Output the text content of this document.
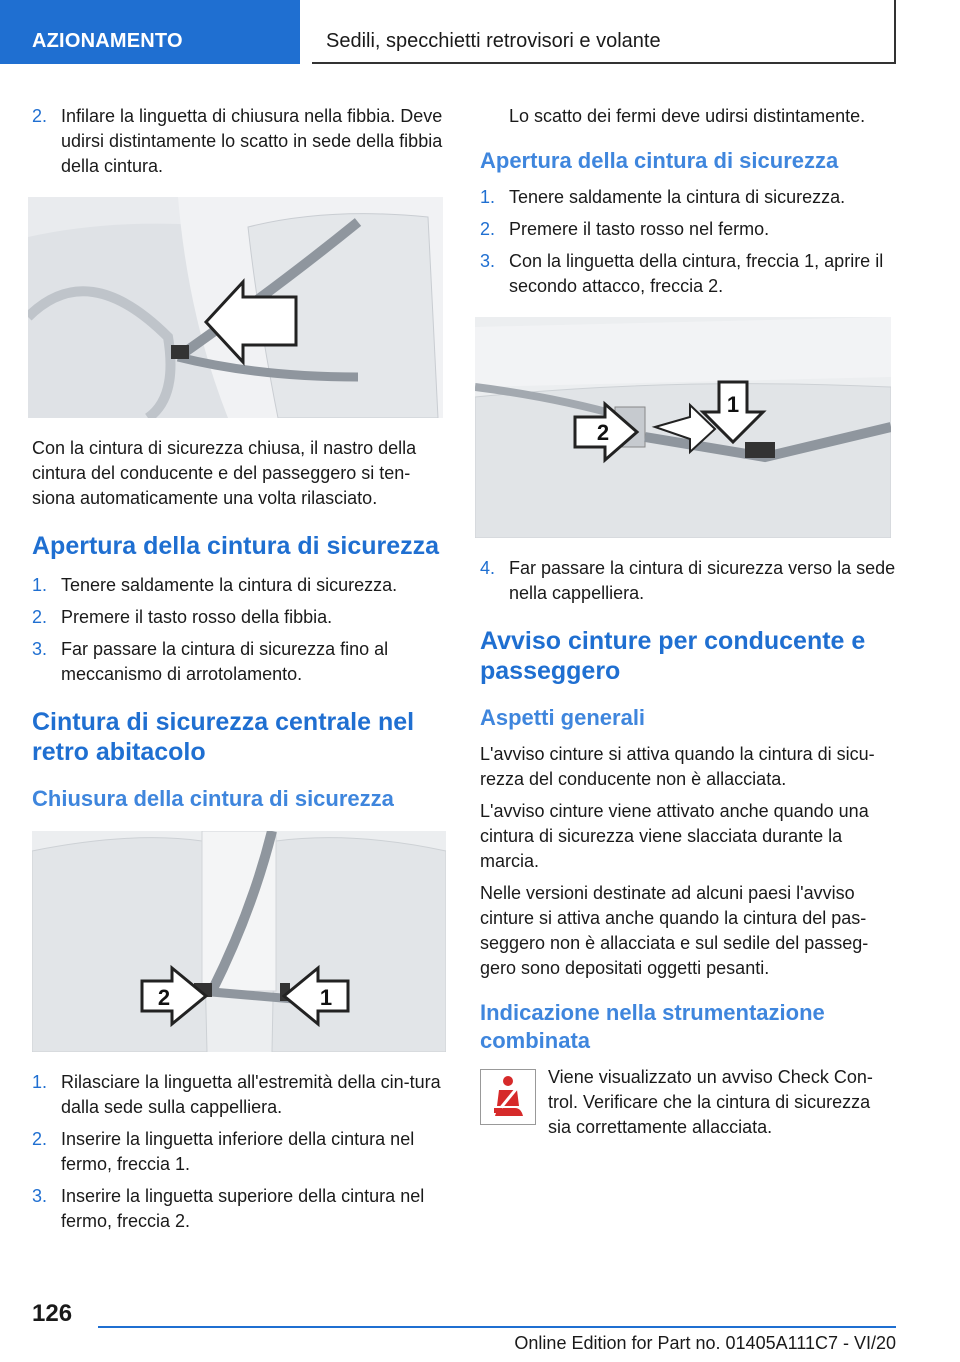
AZIONAMENTO	Sedili, specchietti retrovisori e volante
2. Infilare la linguetta di chiusura nella fibbia. Deve udirsi distintamente lo scatto in sede della fibbia della cintura.

Con la cintura di sicurezza chiusa, il nastro della cintura del conducente e del passeggero si ten-siona automaticamente una volta rilasciato.

Apertura della cintura di sicurezza
1. Tenere saldamente la cintura di sicurezza.
2. Premere il tasto rosso della fibbia.
3. Far passare la cintura di sicurezza fino al meccanismo di arrotolamento.
Cintura di sicurezza centrale nel retro abitacolo
Chiusura della cintura di sicurezza
2	1
1. Rilasciare la linguetta all'estremità della cin-tura dalla sede sulla cappelliera.
2. Inserire la linguetta inferiore della cintura nel fermo, freccia 1.
3. Inserire la linguetta superiore della cintura nel fermo, freccia 2.

Lo scatto dei fermi deve udirsi distintamente.

Apertura della cintura di sicurezza
1. Tenere saldamente la cintura di sicurezza.
2. Premere il tasto rosso nel fermo.
3. Con la linguetta della cintura, freccia 1, aprire il secondo attacco, freccia 2.
2
1
4. Far passare la cintura di sicurezza verso la sede nella cappelliera.
Avviso cinture per conducente e passeggero
Aspetti generali

L'avviso cinture si attiva quando la cintura di sicu-rezza del conducente non è allacciata.

L'avviso cinture viene attivato anche quando una cintura di sicurezza viene slacciata durante la marcia.

Nelle versioni destinate ad alcuni paesi l'avviso cinture si attiva anche quando la cintura del pas-seggero non è allacciata e sul sedile del passeg-gero sono depositati oggetti pesanti.

Indicazione nella strumentazione combinata

Viene visualizzato un avviso Check Con-trol. Verificare che la cintura di sicurezza sia correttamente allacciata.

126
Online Edition for Part no. 01405A111C7 - VI/20
